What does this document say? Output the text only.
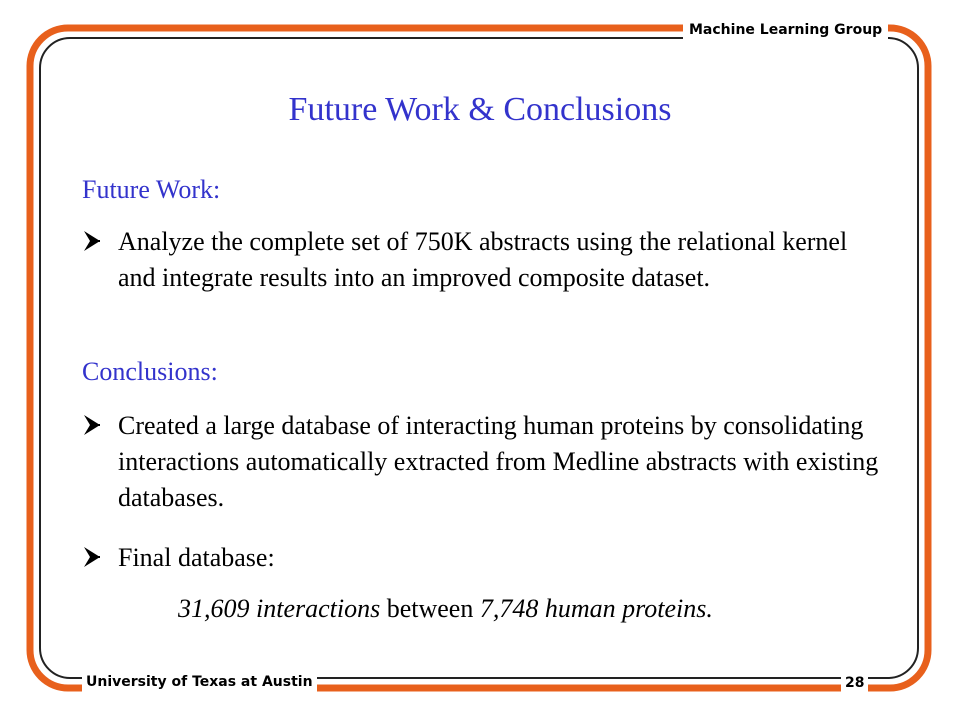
Machine Learning Group
University of Texas at Austin	28
Future Work & Conclusions
Future Work:
Analyze the complete set of 750K abstracts using the relational kernel and integrate results into an improved composite dataset.
Conclusions:
Created a large database of interacting human proteins by consolidating interactions automatically extracted from Medline abstracts with existing databases.
Final database:
31,609 interactions between 7,748 human proteins.
